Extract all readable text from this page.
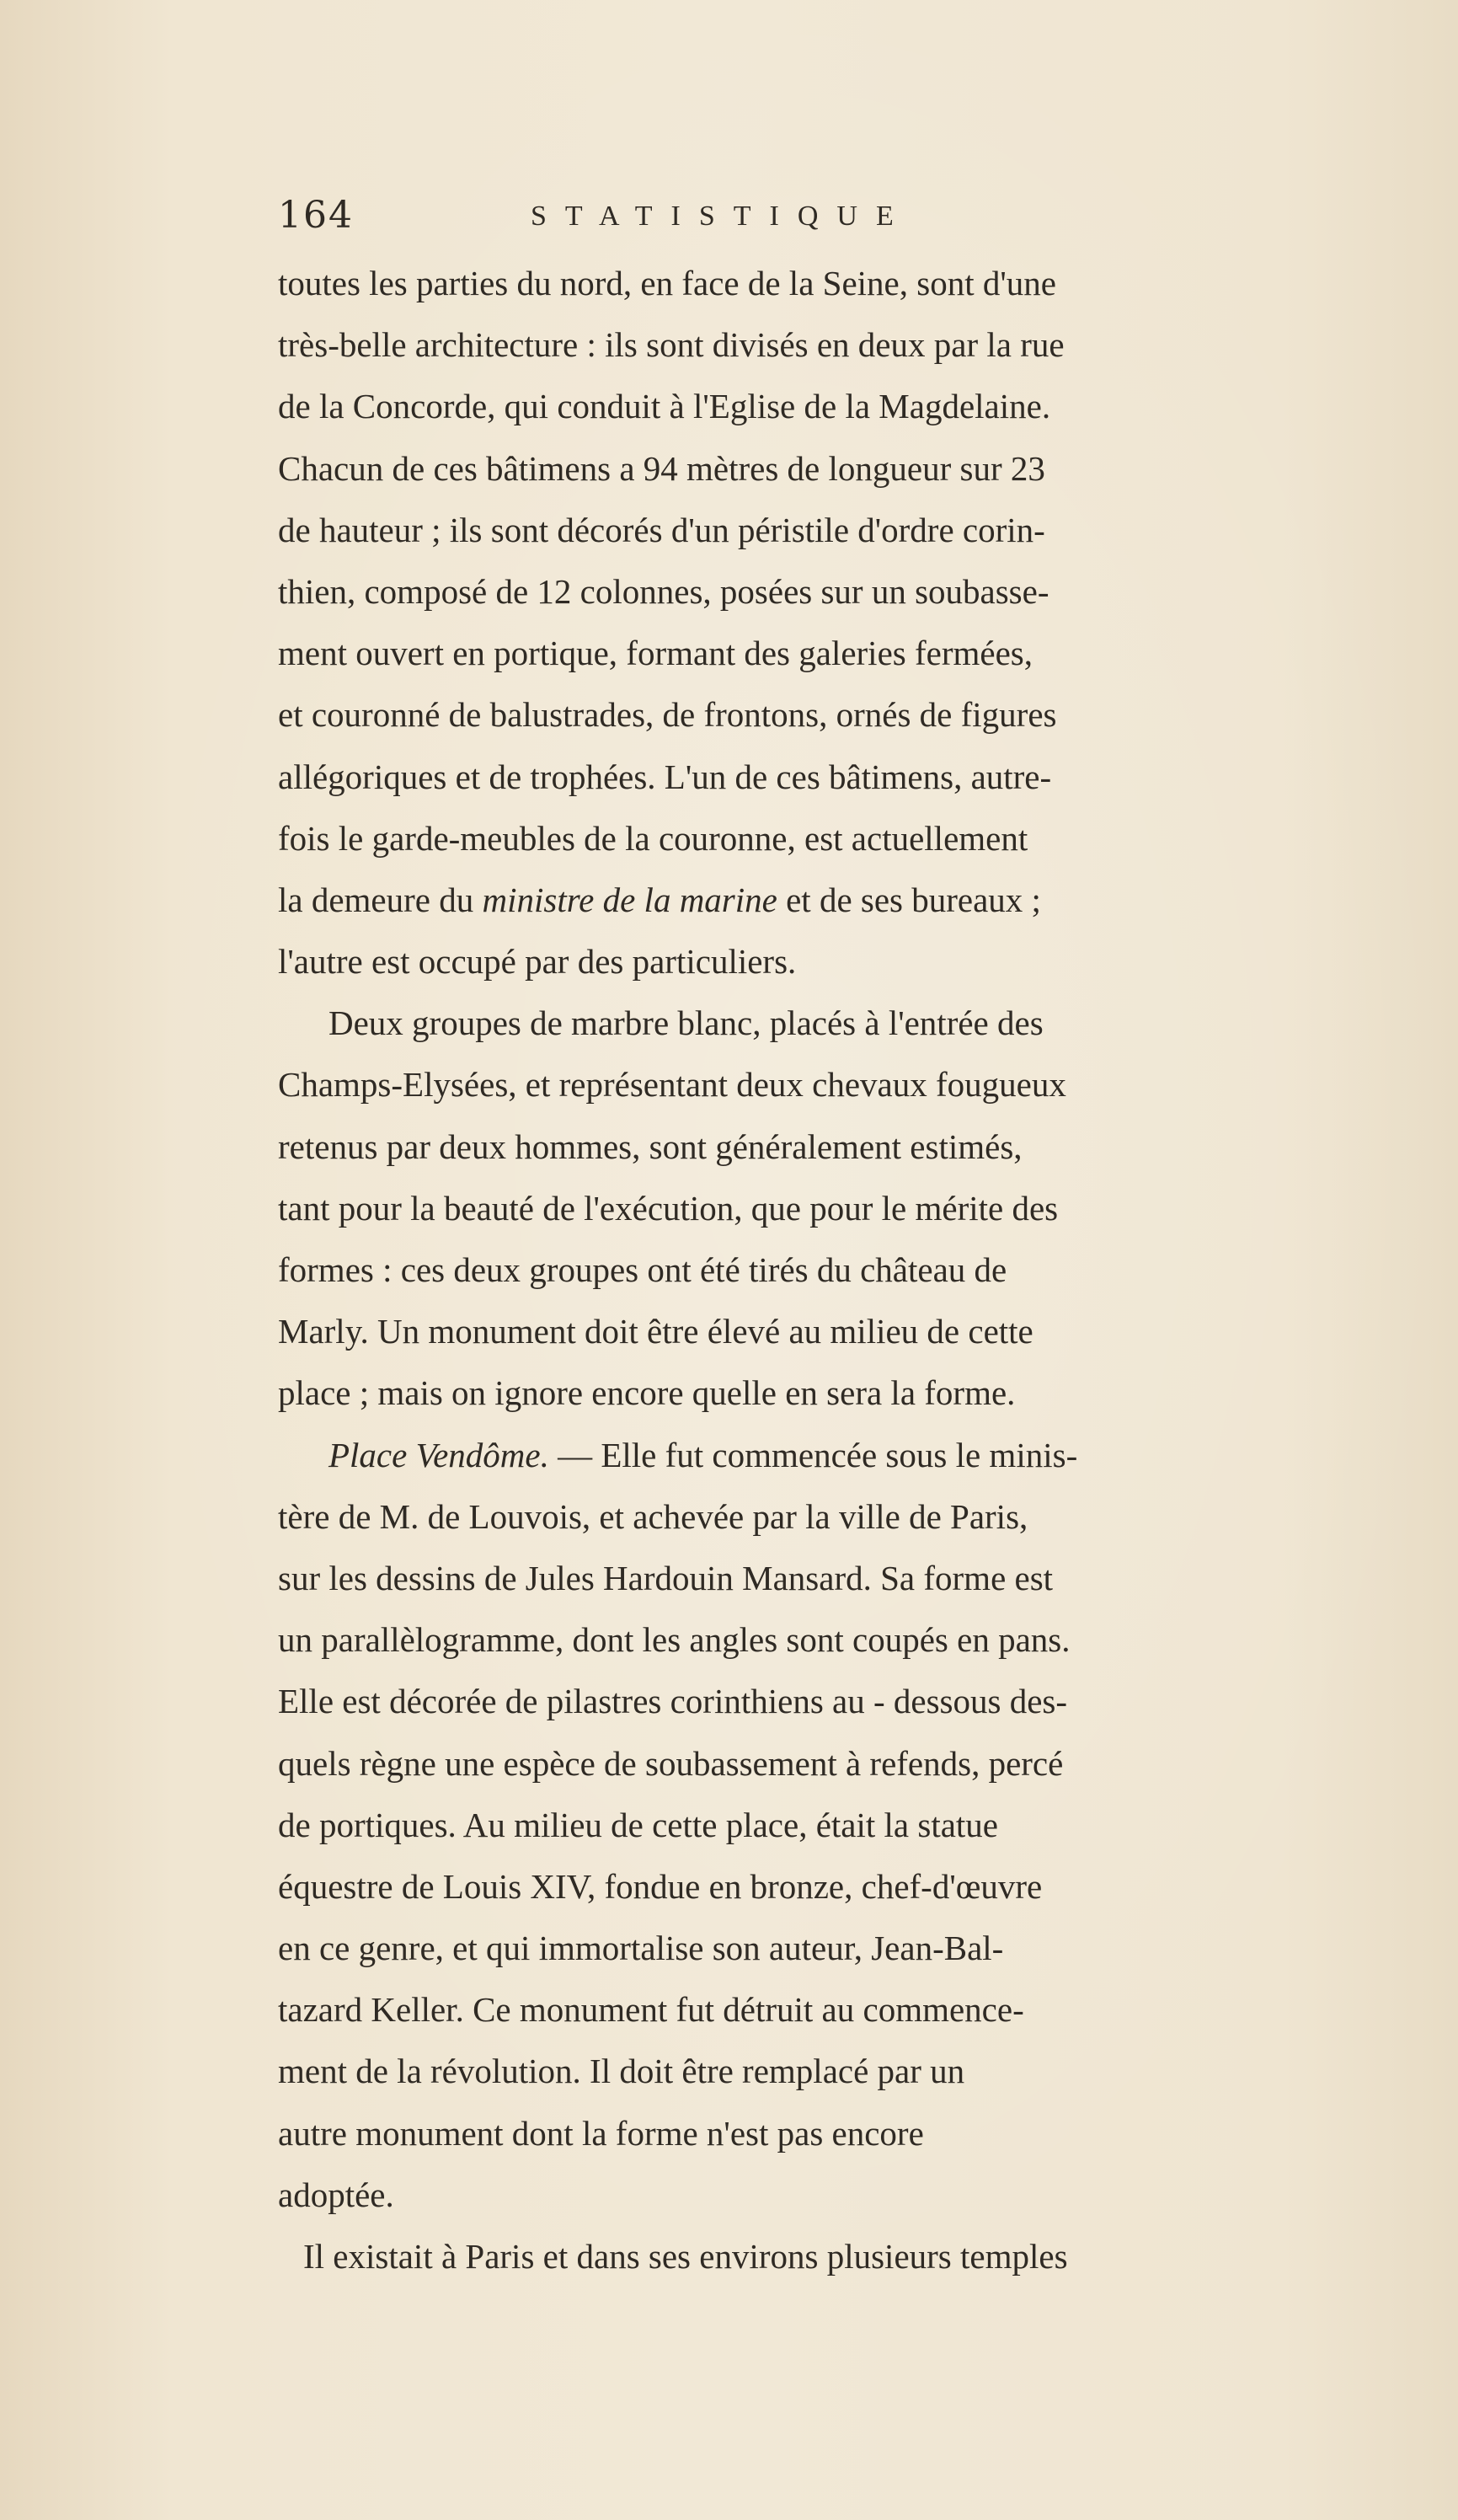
164	STATISTIQUE
toutes les parties du nord, en face de la Seine, sont d'une
très-belle architecture : ils sont divisés en deux par la rue
de la Concorde, qui conduit à l'Eglise de la Magdelaine.
Chacun de ces bâtimens a 94 mètres de longueur sur 23
de hauteur ; ils sont décorés d'un péristile d'ordre corin-
thien, composé de 12 colonnes, posées sur un soubasse-
ment ouvert en portique, formant des galeries fermées,
et couronné de balustrades, de frontons, ornés de figures
allégoriques et de trophées. L'un de ces bâtimens, autre-
fois le garde-meubles de la couronne, est actuellement
la demeure du ministre de la marine et de ses bureaux ;
l'autre est occupé par des particuliers.
Deux groupes de marbre blanc, placés à l'entrée des
Champs-Elysées, et représentant deux chevaux fougueux
retenus par deux hommes, sont généralement estimés,
tant pour la beauté de l'exécution, que pour le mérite des
formes : ces deux groupes ont été tirés du château de
Marly. Un monument doit être élevé au milieu de cette
place ; mais on ignore encore quelle en sera la forme.
Place Vendôme. — Elle fut commencée sous le minis-
tère de M. de Louvois, et achevée par la ville de Paris,
sur les dessins de Jules Hardouin Mansard. Sa forme est
un parallèlogramme, dont les angles sont coupés en pans.
Elle est décorée de pilastres corinthiens au - dessous des-
quels règne une espèce de soubassement à refends, percé
de portiques. Au milieu de cette place, était la statue
équestre de Louis XIV, fondue en bronze, chef-d'œuvre
en ce genre, et qui immortalise son auteur, Jean-Bal-
tazard Keller. Ce monument fut détruit au commence-
ment de la révolution. Il doit être remplacé par un
autre monument dont la forme n'est pas encore
adoptée.
Il existait à Paris et dans ses environs plusieurs temples
